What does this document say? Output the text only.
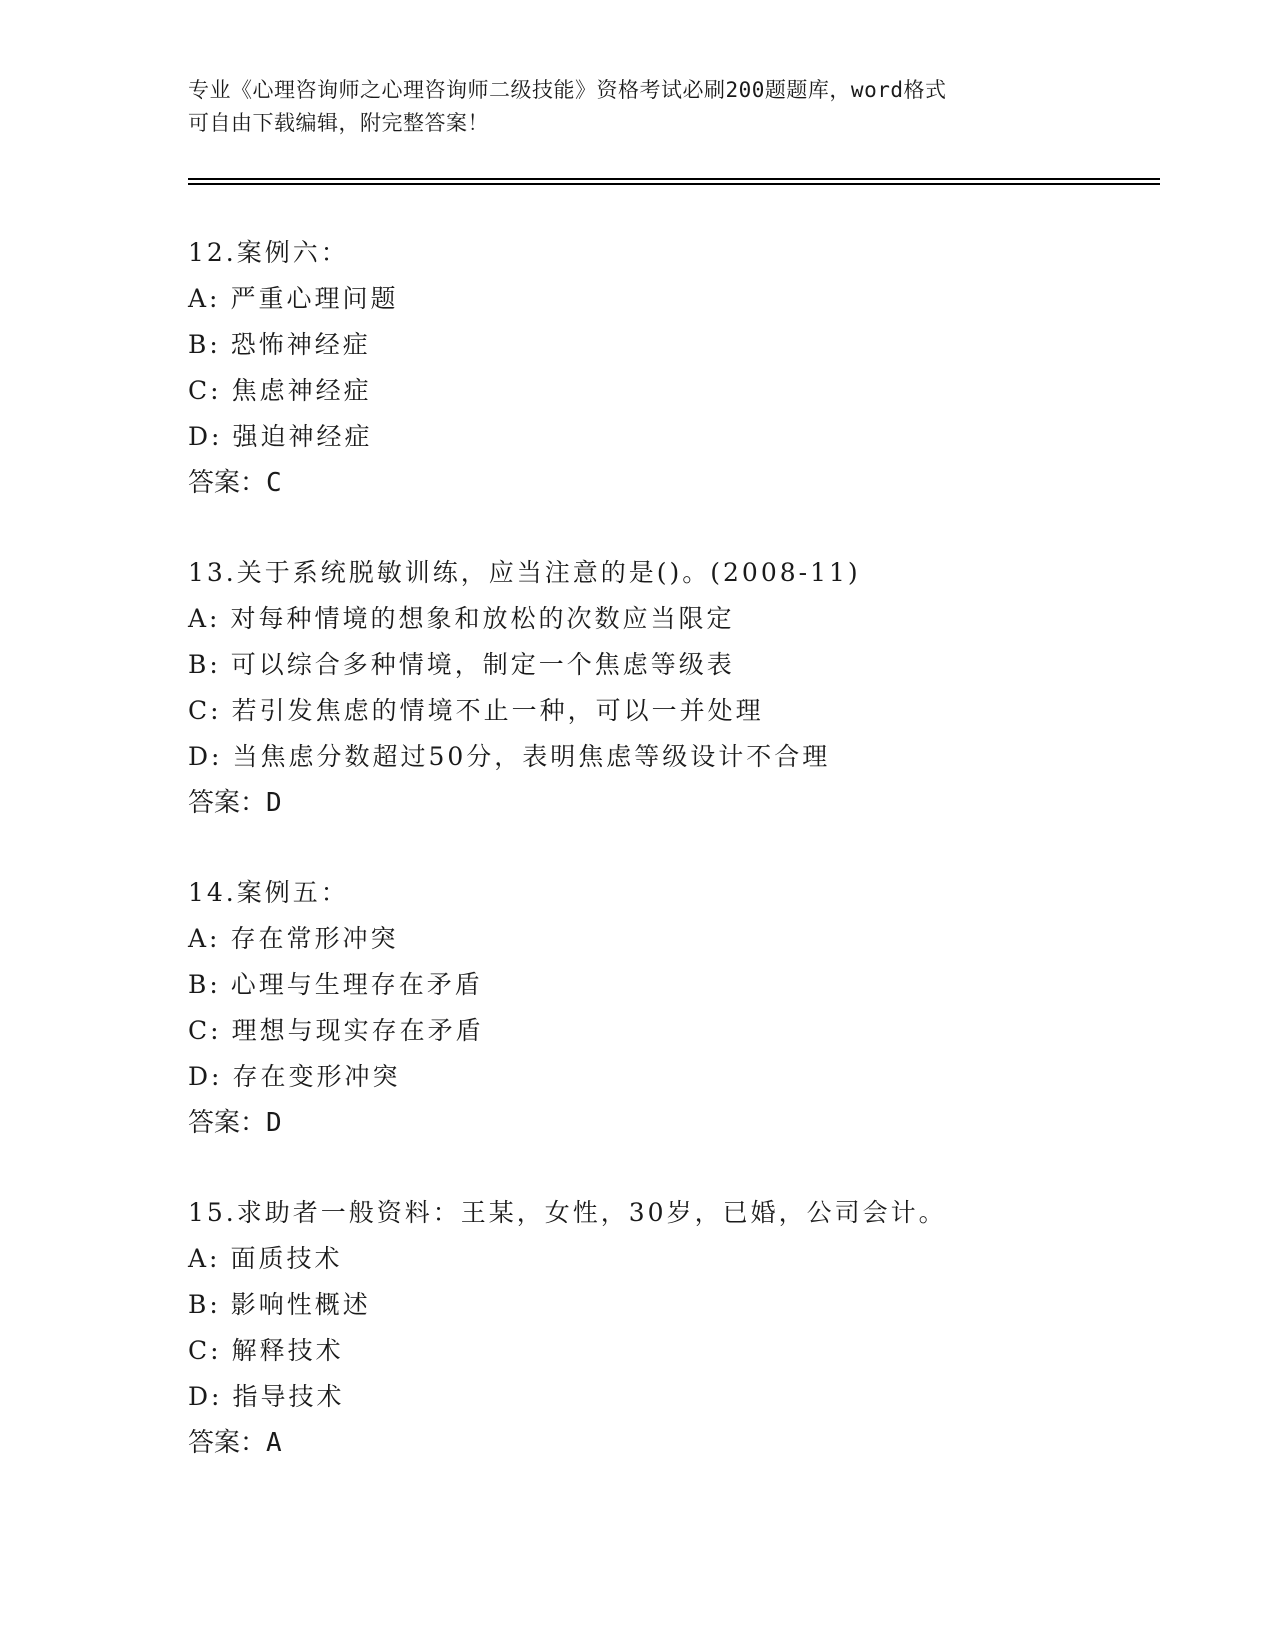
专业《心理咨询师之心理咨询师二级技能》资格考试必刷200题题库，word格式
可自由下载编辑，附完整答案！
12.案例六：
A: 严重心理问题
B: 恐怖神经症
C: 焦虑神经症
D: 强迫神经症
答案：C
13.关于系统脱敏训练，应当注意的是()。(2008-11)
A: 对每种情境的想象和放松的次数应当限定
B: 可以综合多种情境，制定一个焦虑等级表
C: 若引发焦虑的情境不止一种，可以一并处理
D: 当焦虑分数超过50分，表明焦虑等级设计不合理
答案：D
14.案例五：
A: 存在常形冲突
B: 心理与生理存在矛盾
C: 理想与现实存在矛盾
D: 存在变形冲突
答案：D
15.求助者一般资料：王某，女性，30岁，已婚，公司会计。
A: 面质技术
B: 影响性概述
C: 解释技术
D: 指导技术
答案：A
